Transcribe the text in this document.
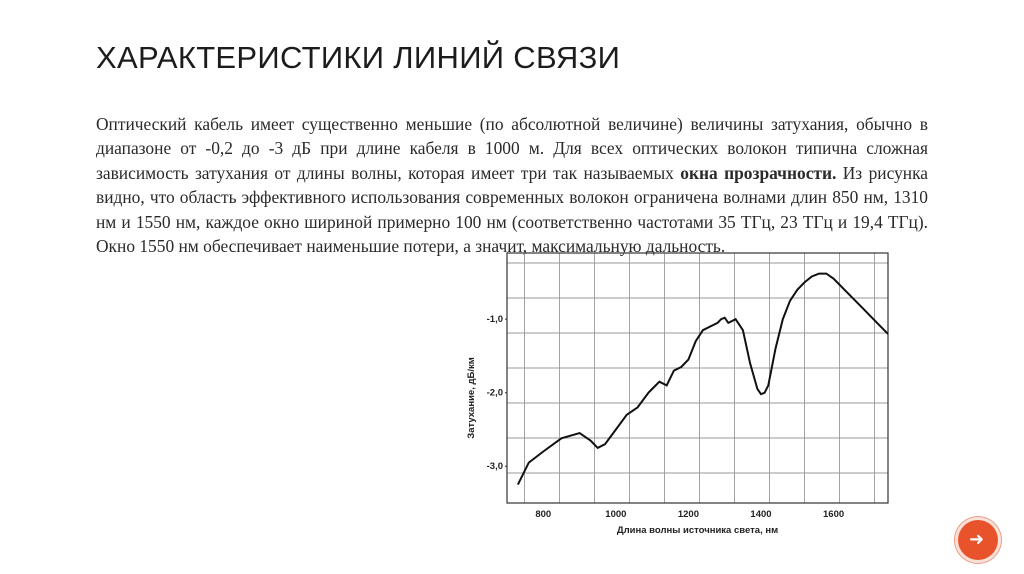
ХАРАКТЕРИСТИКИ ЛИНИЙ СВЯЗИ

Оптический кабель имеет существенно меньшие (по абсолютной величине) величины затухания, обычно в диапазоне от -0,2 до -3 дБ при длине кабеля в 1000 м. Для всех оптических волокон типична сложная зависимость затухания от длины волны, которая имеет три так называемых окна прозрачности. Из рисунка видно, что область эффективного использования современных волокон ограничена волнами длин 850 нм, 1310 нм и 1550 нм, каждое окно шириной примерно 100 нм (соответственно частотами 35 ТГц, 23 ТГц и 19,4 ТГц). Окно 1550 нм обеспечивает наименьшие потери, а значит, максимальную дальность.

800	1000	1200	1400	1600
-3,0
-2,0
-1,0
Длина волны источника света, нм
Затухание, дБ/км
➜
